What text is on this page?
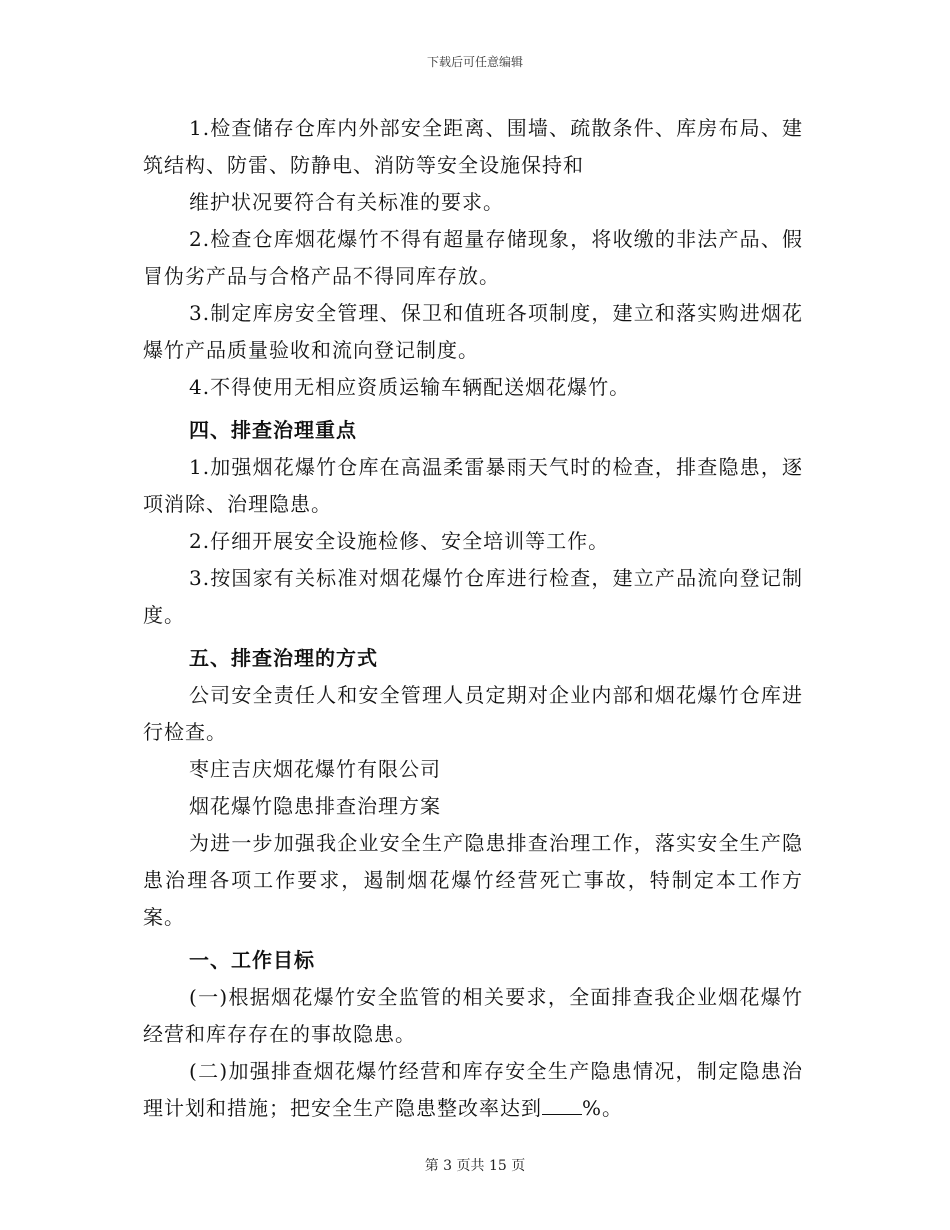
下载后可任意编辑

1.检查储存仓库内外部安全距离、围墙、疏散条件、库房布局、建筑结构、防雷、防静电、消防等安全设施保持和

维护状况要符合有关标准的要求。

2.检查仓库烟花爆竹不得有超量存储现象，将收缴的非法产品、假冒伪劣产品与合格产品不得同库存放。

3.制定库房安全管理、保卫和值班各项制度，建立和落实购进烟花爆竹产品质量验收和流向登记制度。

4.不得使用无相应资质运输车辆配送烟花爆竹。

四、排查治理重点

1.加强烟花爆竹仓库在高温柔雷暴雨天气时的检查，排查隐患，逐项消除、治理隐患。

2.仔细开展安全设施检修、安全培训等工作。

3.按国家有关标准对烟花爆竹仓库进行检查，建立产品流向登记制度。

五、排查治理的方式

公司安全责任人和安全管理人员定期对企业内部和烟花爆竹仓库进行检查。

枣庄吉庆烟花爆竹有限公司

烟花爆竹隐患排查治理方案

为进一步加强我企业安全生产隐患排查治理工作，落实安全生产隐患治理各项工作要求，遏制烟花爆竹经营死亡事故，特制定本工作方案。

一、工作目标

(一)根据烟花爆竹安全监管的相关要求，全面排查我企业烟花爆竹经营和库存存在的事故隐患。

(二)加强排查烟花爆竹经营和库存安全生产隐患情况，制定隐患治理计划和措施；把安全生产隐患整改率达到 %。

第 3 页共 15 页
